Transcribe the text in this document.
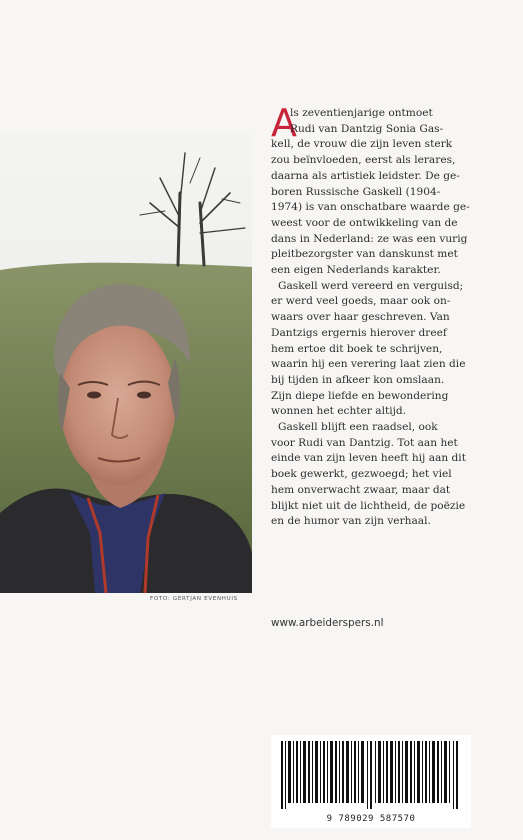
FOTO: GERTJAN EVENHUIS
A
ls zeventienjarige ontmoet
Rudi van Dantzig Sonia Gas-
kell, de vrouw die zijn leven sterk
zou beïnvloeden, eerst als lerares,
daarna als artistiek leidster. De ge-
boren Russische Gaskell (1904-
1974) is van onschatbare waarde ge-
weest voor de ontwikkeling van de
dans in Nederland: ze was een vurig
pleitbezorgster van danskunst met
een eigen Nederlands karakter.
Gaskell werd vereerd en verguisd;
er werd veel goeds, maar ook on-
waars over haar geschreven. Van
Dantzigs ergernis hierover dreef
hem ertoe dit boek te schrijven,
waarin hij een verering laat zien die
bij tijden in afkeer kon omslaan.
Zijn diepe liefde en bewondering
wonnen het echter altijd.
Gaskell blijft een raadsel, ook
voor Rudi van Dantzig. Tot aan het
einde van zijn leven heeft hij aan dit
boek gewerkt, gezwoegd; het viel
hem onverwacht zwaar, maar dat
blijkt niet uit de lichtheid, de poëzie
en de humor van zijn verhaal.
www.arbeiderspers.nl
9 789029 587570
